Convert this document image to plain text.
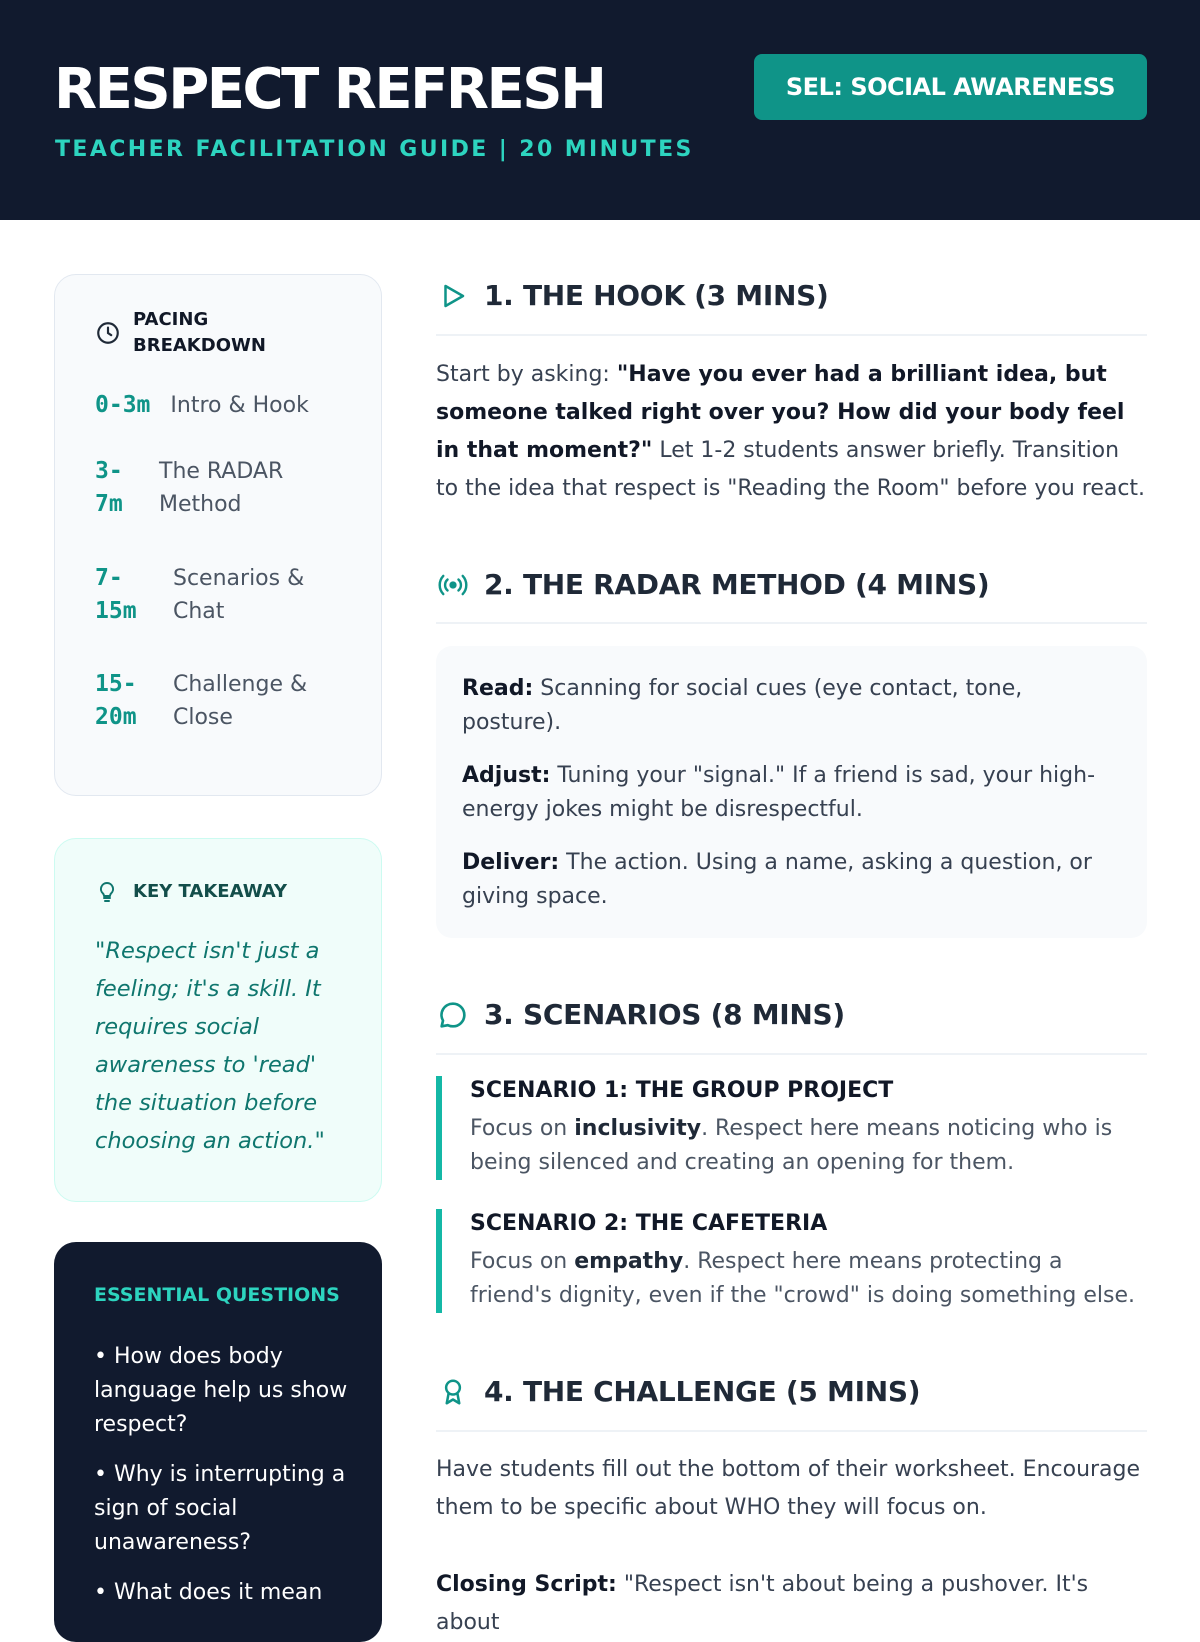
RESPECT REFRESH
TEACHER FACILITATION GUIDE | 20 MINUTES
SEL: SOCIAL AWARENESS
PACING BREAKDOWN
0-3m Intro & Hook
3-7m
The RADAR Method
7-15m
Scenarios & Chat
15-20m
Challenge & Close
KEY TAKEAWAY
"Respect isn't just a feeling; it's a skill. It requires social awareness to 'read' the situation before choosing an action."
ESSENTIAL QUESTIONS
• How does body language help us show respect?
• Why is interrupting a sign of social unawareness?
• What does it mean
1. THE HOOK (3 MINS)
Start by asking: "Have you ever had a brilliant idea, but someone talked right over you? How did your body feel in that moment?" Let 1-2 students answer briefly. Transition to the idea that respect is "Reading the Room" before you react.
2. THE RADAR METHOD (4 MINS)
Read: Scanning for social cues (eye contact, tone, posture).
Adjust: Tuning your "signal." If a friend is sad, your high-energy jokes might be disrespectful.
Deliver: The action. Using a name, asking a question, or giving space.
3. SCENARIOS (8 MINS)
SCENARIO 1: THE GROUP PROJECT
Focus on inclusivity. Respect here means noticing who is being silenced and creating an opening for them.
SCENARIO 2: THE CAFETERIA
Focus on empathy. Respect here means protecting a friend's dignity, even if the "crowd" is doing something else.
4. THE CHALLENGE (5 MINS)
Have students fill out the bottom of their worksheet. Encourage them to be specific about WHO they will focus on.
Closing Script: "Respect isn't about being a pushover. It's about
